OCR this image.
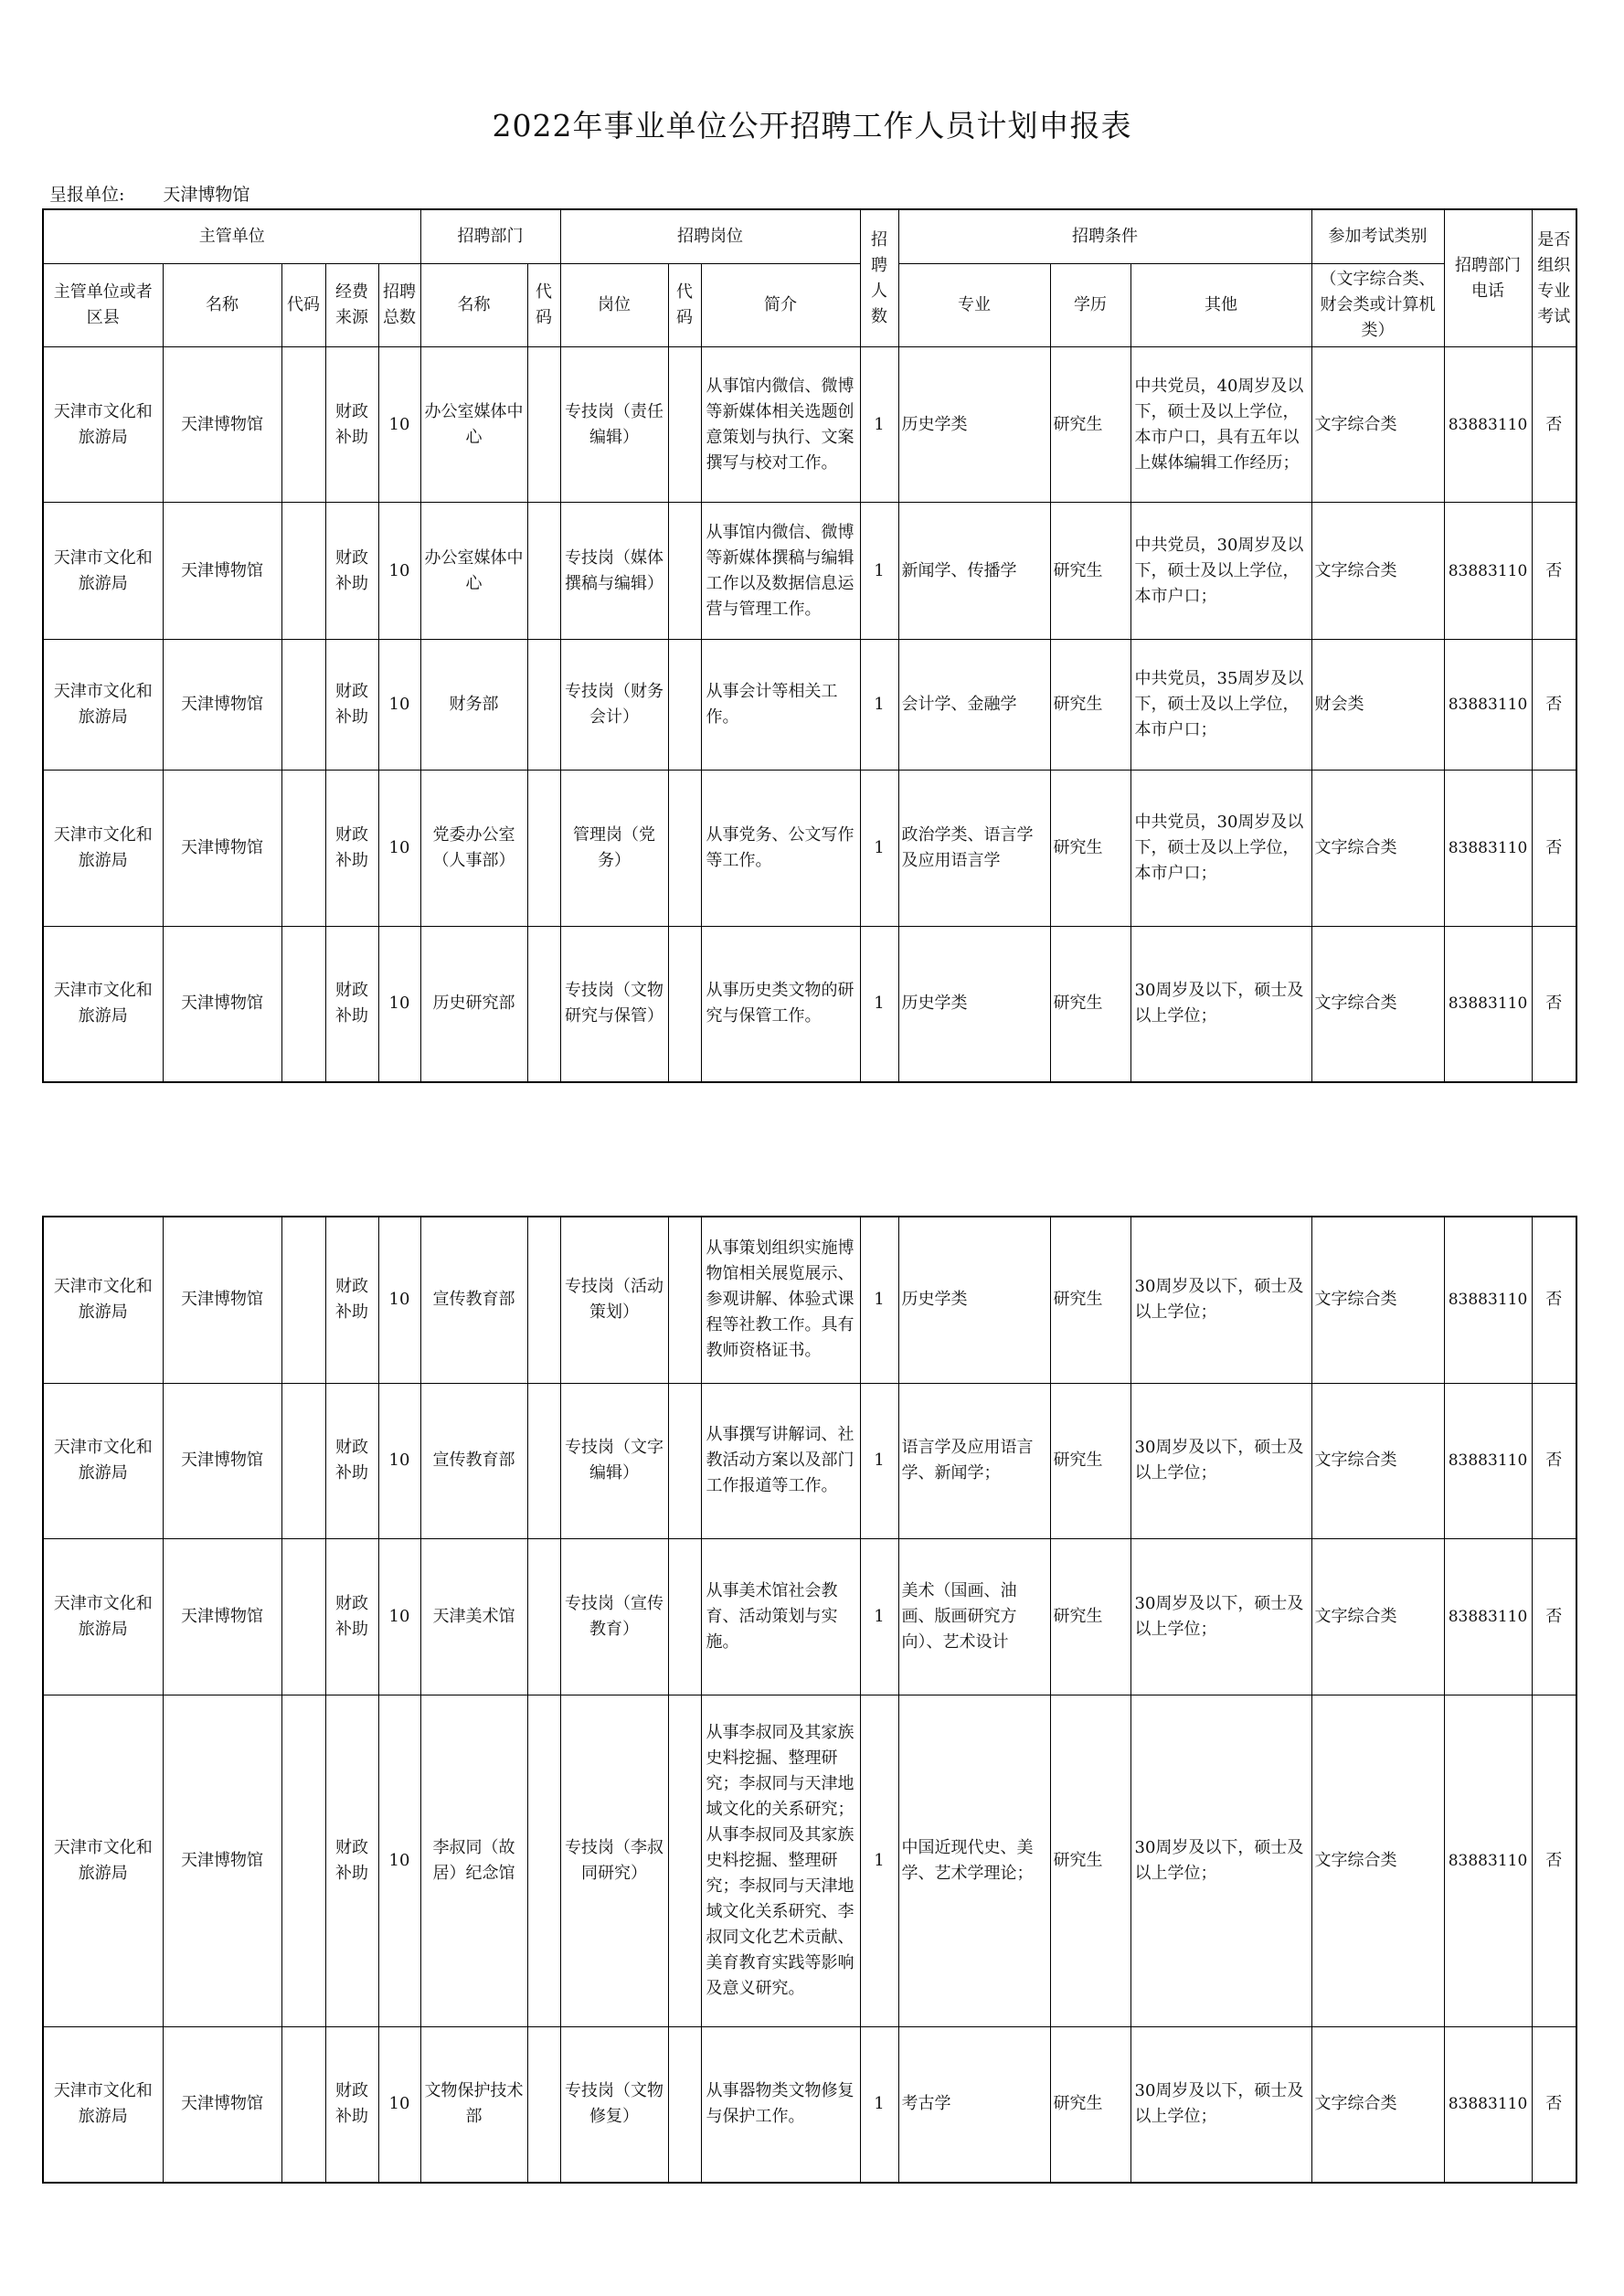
2022年事业单位公开招聘工作人员计划申报表
呈报单位: 天津博物馆
主管单位					招聘部门		招聘岗位			招聘人数	招聘条件			参加考试类别	招聘部门电话	是否组织专业考试
主管单位或者区县	名称	代码	经费来源	招聘总数	名称	代码	岗位	代码	简介		专业	学历	其他	（文字综合类、财会类或计算机类）		
天津市文化和旅游局	天津博物馆		财政补助	10	办公室媒体中心		专技岗（责任编辑）		从事馆内微信、微博等新媒体相关选题创意策划与执行、文案撰写与校对工作。	1	历史学类	研究生	中共党员，40周岁及以下，硕士及以上学位，本市户口，具有五年以上媒体编辑工作经历；	文字综合类	83883110	否
天津市文化和旅游局	天津博物馆		财政补助	10	办公室媒体中心		专技岗（媒体撰稿与编辑）		从事馆内微信、微博等新媒体撰稿与编辑工作以及数据信息运营与管理工作。	1	新闻学、传播学	研究生	中共党员，30周岁及以下，硕士及以上学位，本市户口；	文字综合类	83883110	否
天津市文化和旅游局	天津博物馆		财政补助	10	财务部		专技岗（财务会计）		从事会计等相关工作。	1	会计学、金融学	研究生	中共党员，35周岁及以下，硕士及以上学位，本市户口；	财会类	83883110	否
天津市文化和旅游局	天津博物馆		财政补助	10	党委办公室（人事部）		管理岗（党务）		从事党务、公文写作等工作。	1	政治学类、语言学及应用语言学	研究生	中共党员，30周岁及以下，硕士及以上学位，本市户口；	文字综合类	83883110	否
天津市文化和旅游局	天津博物馆		财政补助	10	历史研究部		专技岗（文物研究与保管）		从事历史类文物的研究与保管工作。	1	历史学类	研究生	30周岁及以下，硕士及以上学位；	文字综合类	83883110	否
天津市文化和旅游局	天津博物馆		财政补助	10	宣传教育部		专技岗（活动策划）		从事策划组织实施博物馆相关展览展示、参观讲解、体验式课程等社教工作。具有教师资格证书。	1	历史学类	研究生	30周岁及以下，硕士及以上学位；	文字综合类	83883110	否
天津市文化和旅游局	天津博物馆		财政补助	10	宣传教育部		专技岗（文字编辑）		从事撰写讲解词、社教活动方案以及部门工作报道等工作。	1	语言学及应用语言学、新闻学；	研究生	30周岁及以下，硕士及以上学位；	文字综合类	83883110	否
天津市文化和旅游局	天津博物馆		财政补助	10	天津美术馆		专技岗（宣传教育）		从事美术馆社会教育、活动策划与实施。	1	美术（国画、油画、版画研究方向）、艺术设计	研究生	30周岁及以下，硕士及以上学位；	文字综合类	83883110	否
天津市文化和旅游局	天津博物馆		财政补助	10	李叔同（故居）纪念馆		专技岗（李叔同研究）		从事李叔同及其家族史料挖掘、整理研究；李叔同与天津地域文化的关系研究；从事李叔同及其家族史料挖掘、整理研究；李叔同与天津地域文化关系研究、李叔同文化艺术贡献、美育教育实践等影响及意义研究。	1	中国近现代史、美学、艺术学理论；	研究生	30周岁及以下，硕士及以上学位；	文字综合类	83883110	否
天津市文化和旅游局	天津博物馆		财政补助	10	文物保护技术部		专技岗（文物修复）		从事器物类文物修复与保护工作。	1	考古学	研究生	30周岁及以下，硕士及以上学位；	文字综合类	83883110	否
